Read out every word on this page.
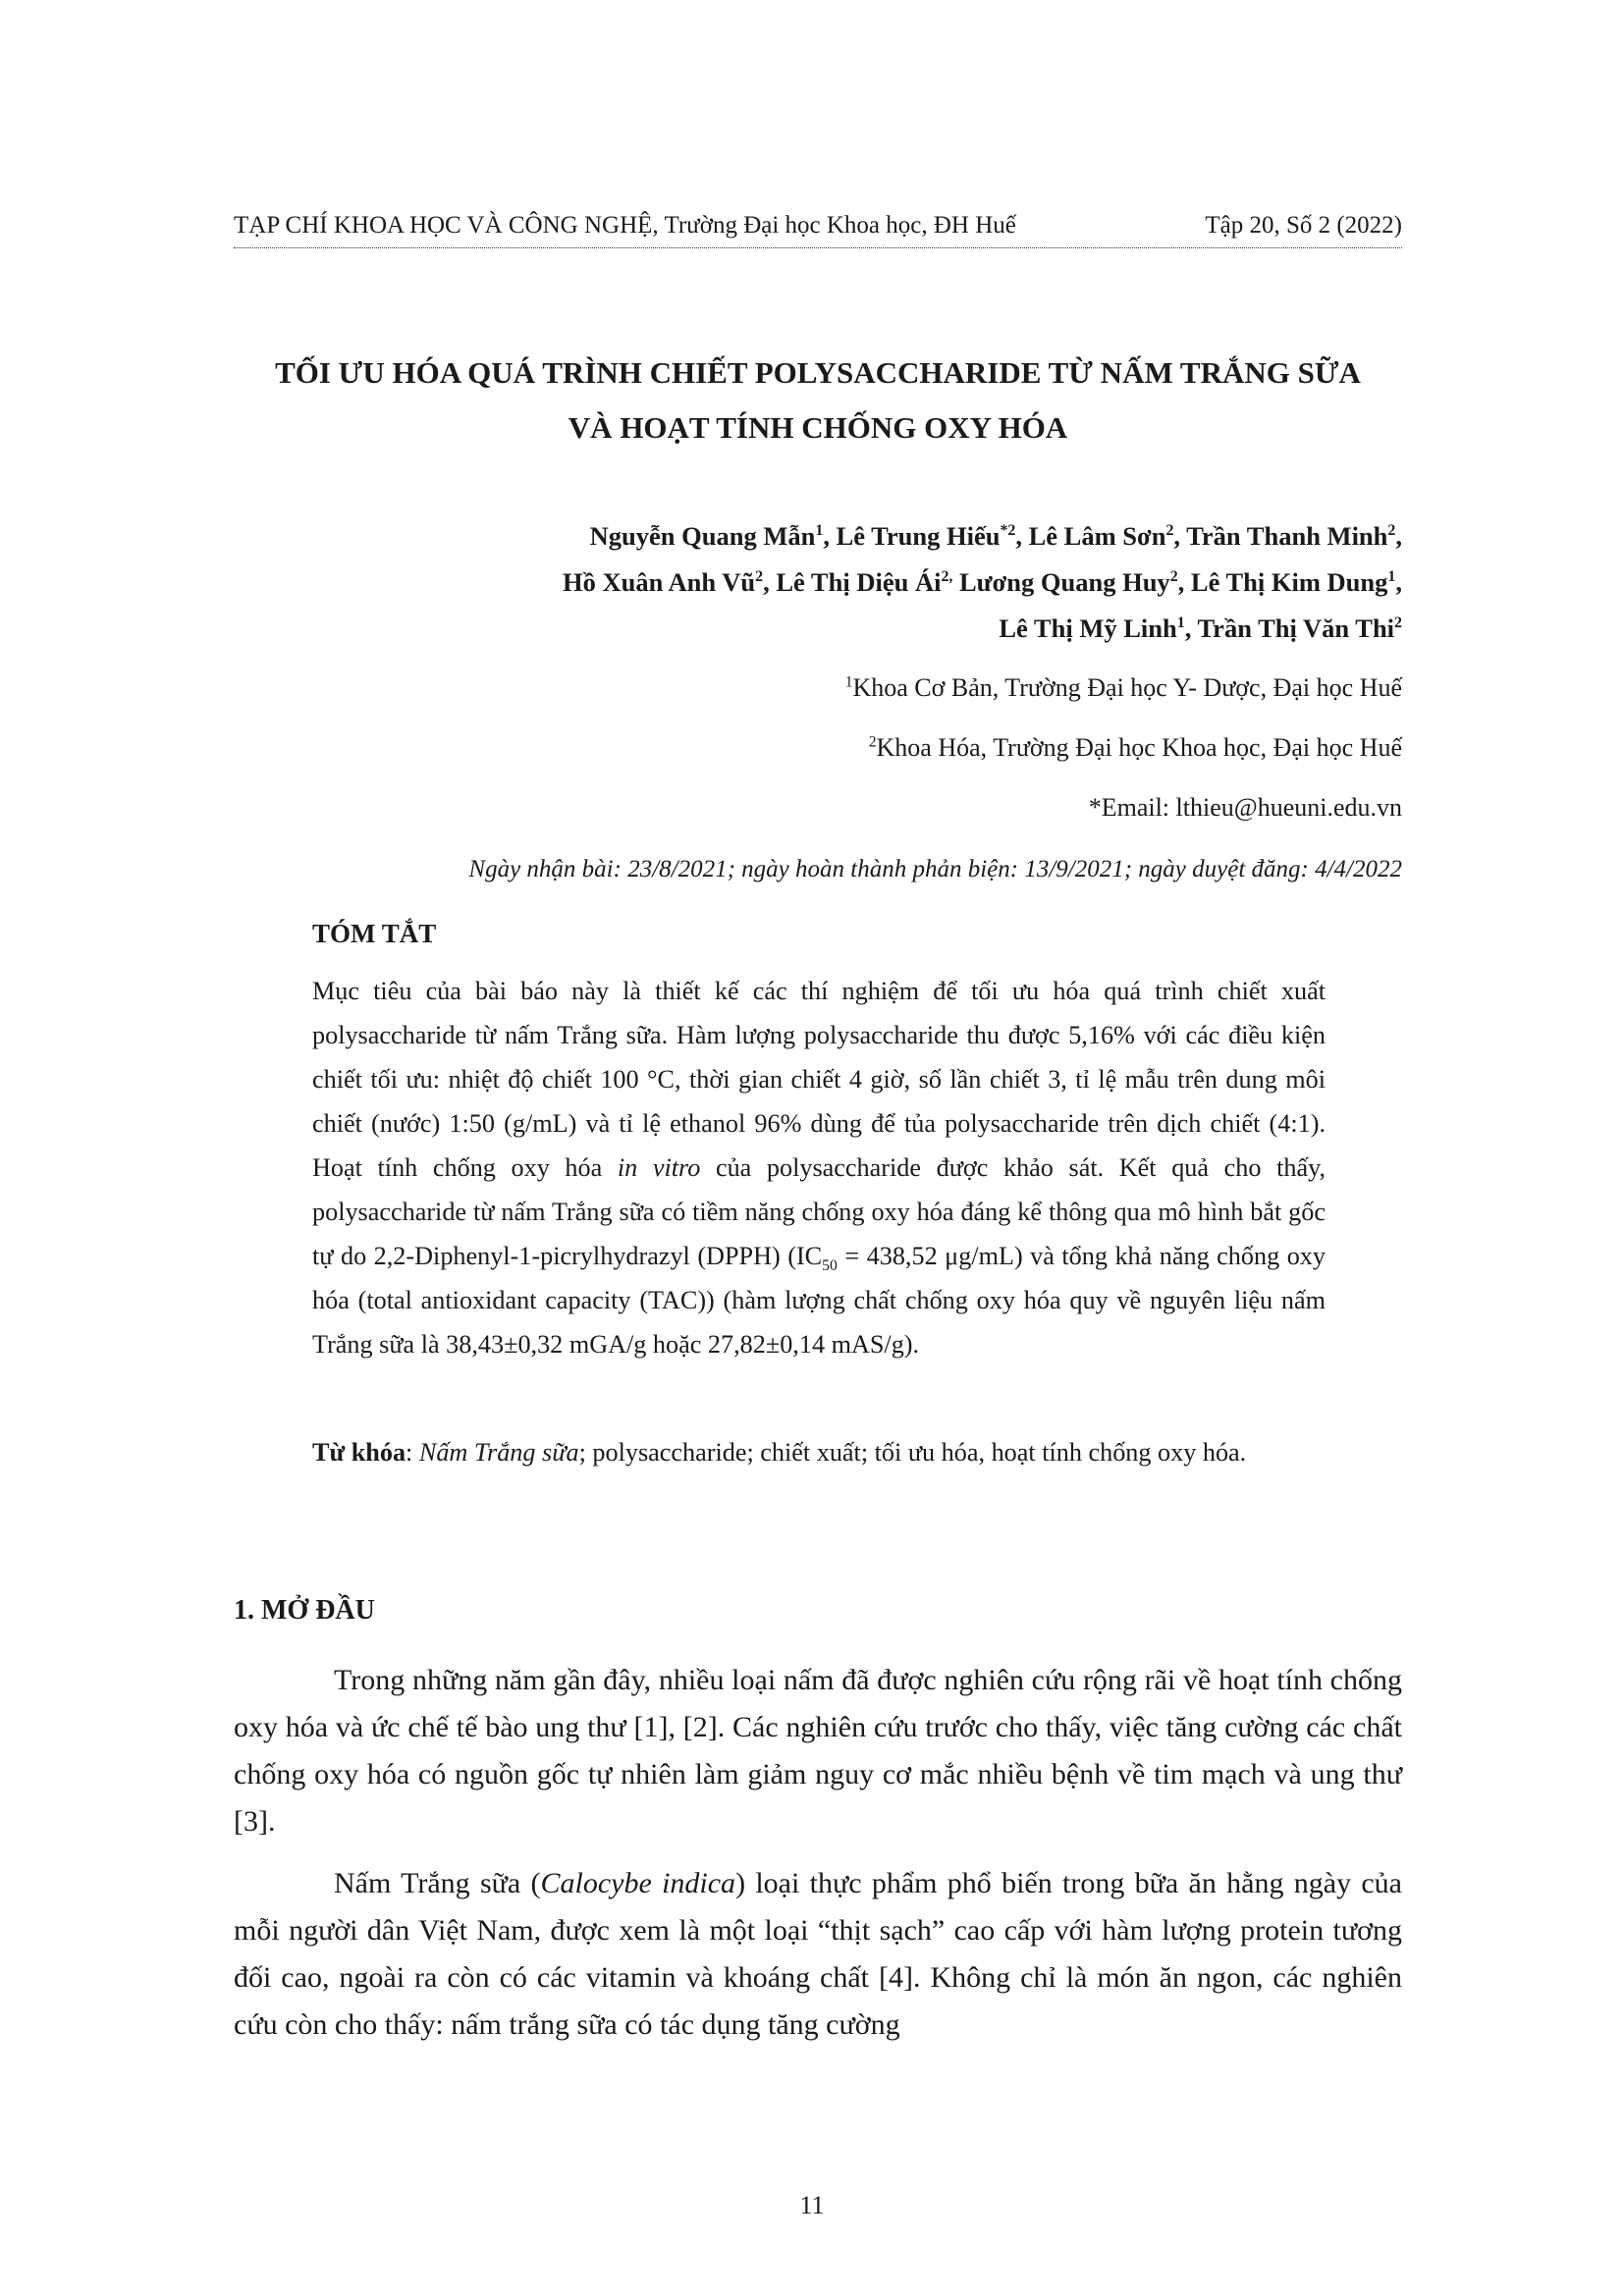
TẠP CHÍ KHOA HỌC VÀ CÔNG NGHỆ, Trường Đại học Khoa học, ĐH Huế	Tập 20, Số 2 (2022)
TỐI ƯU HÓA QUÁ TRÌNH CHIẾT POLYSACCHARIDE TỪ NẤM TRẮNG SỮA
VÀ HOẠT TÍNH CHỐNG OXY HÓA
Nguyễn Quang Mẫn$^1$, Lê Trung Hiếu$^{*2}$, Lê Lâm Sơn$^2$, Trần Thanh Minh$^2$,
Hồ Xuân Anh $Vũ^2$, Lê Thị Diệu $Ái^{2,}$ Lương Quang Huy$^2$, Lê Thị Kim Dung$^1$,
Lê Thị Mỹ Linh$^1$, Trần Thị Văn Thi$^2$
$^1$Khoa Cơ Bản, Trường Đại học Y- Dược, Đại học Huế
$^2$Khoa Hóa, Trường Đại học Khoa học, Đại học Huế
*Email: lthieu@hueuni.edu.vn
Ngày nhận bài: 23/8/2021; ngày hoàn thành phản biện: 13/9/2021; ngày duyệt đăng: 4/4/2022
TÓM TẮT
Mục tiêu của bài báo này là thiết kế các thí nghiệm để tối ưu hóa quá trình chiết xuất polysaccharide từ nấm Trắng sữa. Hàm lượng polysaccharide thu được 5,16% với các điều kiện chiết tối ưu: nhiệt độ chiết 100 °C, thời gian chiết 4 giờ, số lần chiết 3, tỉ lệ mẫu trên dung môi chiết (nước) 1:50 (g/mL) và tỉ lệ ethanol 96% dùng để tủa polysaccharide trên dịch chiết (4:1). Hoạt tính chống oxy hóa in vitro của polysaccharide được khảo sát. Kết quả cho thấy, polysaccharide từ nấm Trắng sữa có tiềm năng chống oxy hóa đáng kể thông qua mô hình bắt gốc tự do 2,2-Diphenyl-1-picrylhydrazyl (DPPH) ($IC_{50} = 438,52$ μg/mL) và tổng khả năng chống oxy hóa (total antioxidant capacity (TAC)) (hàm lượng chất chống oxy hóa quy về nguyên liệu nấm Trắng sữa là 38,43±0,32 mGA/g hoặc 27,82±0,14 mAS/g).
Từ khóa: Nấm Trắng sữa; polysaccharide; chiết xuất; tối ưu hóa, hoạt tính chống oxy hóa.
1. MỞ ĐẦU
Trong những năm gần đây, nhiều loại nấm đã được nghiên cứu rộng rãi về hoạt tính chống oxy hóa và ức chế tế bào ung thư [1], [2]. Các nghiên cứu trước cho thấy, việc tăng cường các chất chống oxy hóa có nguồn gốc tự nhiên làm giảm nguy cơ mắc nhiều bệnh về tim mạch và ung thư [3].
Nấm Trắng sữa (Calocybe indica) loại thực phẩm phổ biến trong bữa ăn hằng ngày của mỗi người dân Việt Nam, được xem là một loại “thịt sạch” cao cấp với hàm lượng protein tương đối cao, ngoài ra còn có các vitamin và khoáng chất [4]. Không chỉ là món ăn ngon, các nghiên cứu còn cho thấy: nấm trắng sữa có tác dụng tăng cường
11
